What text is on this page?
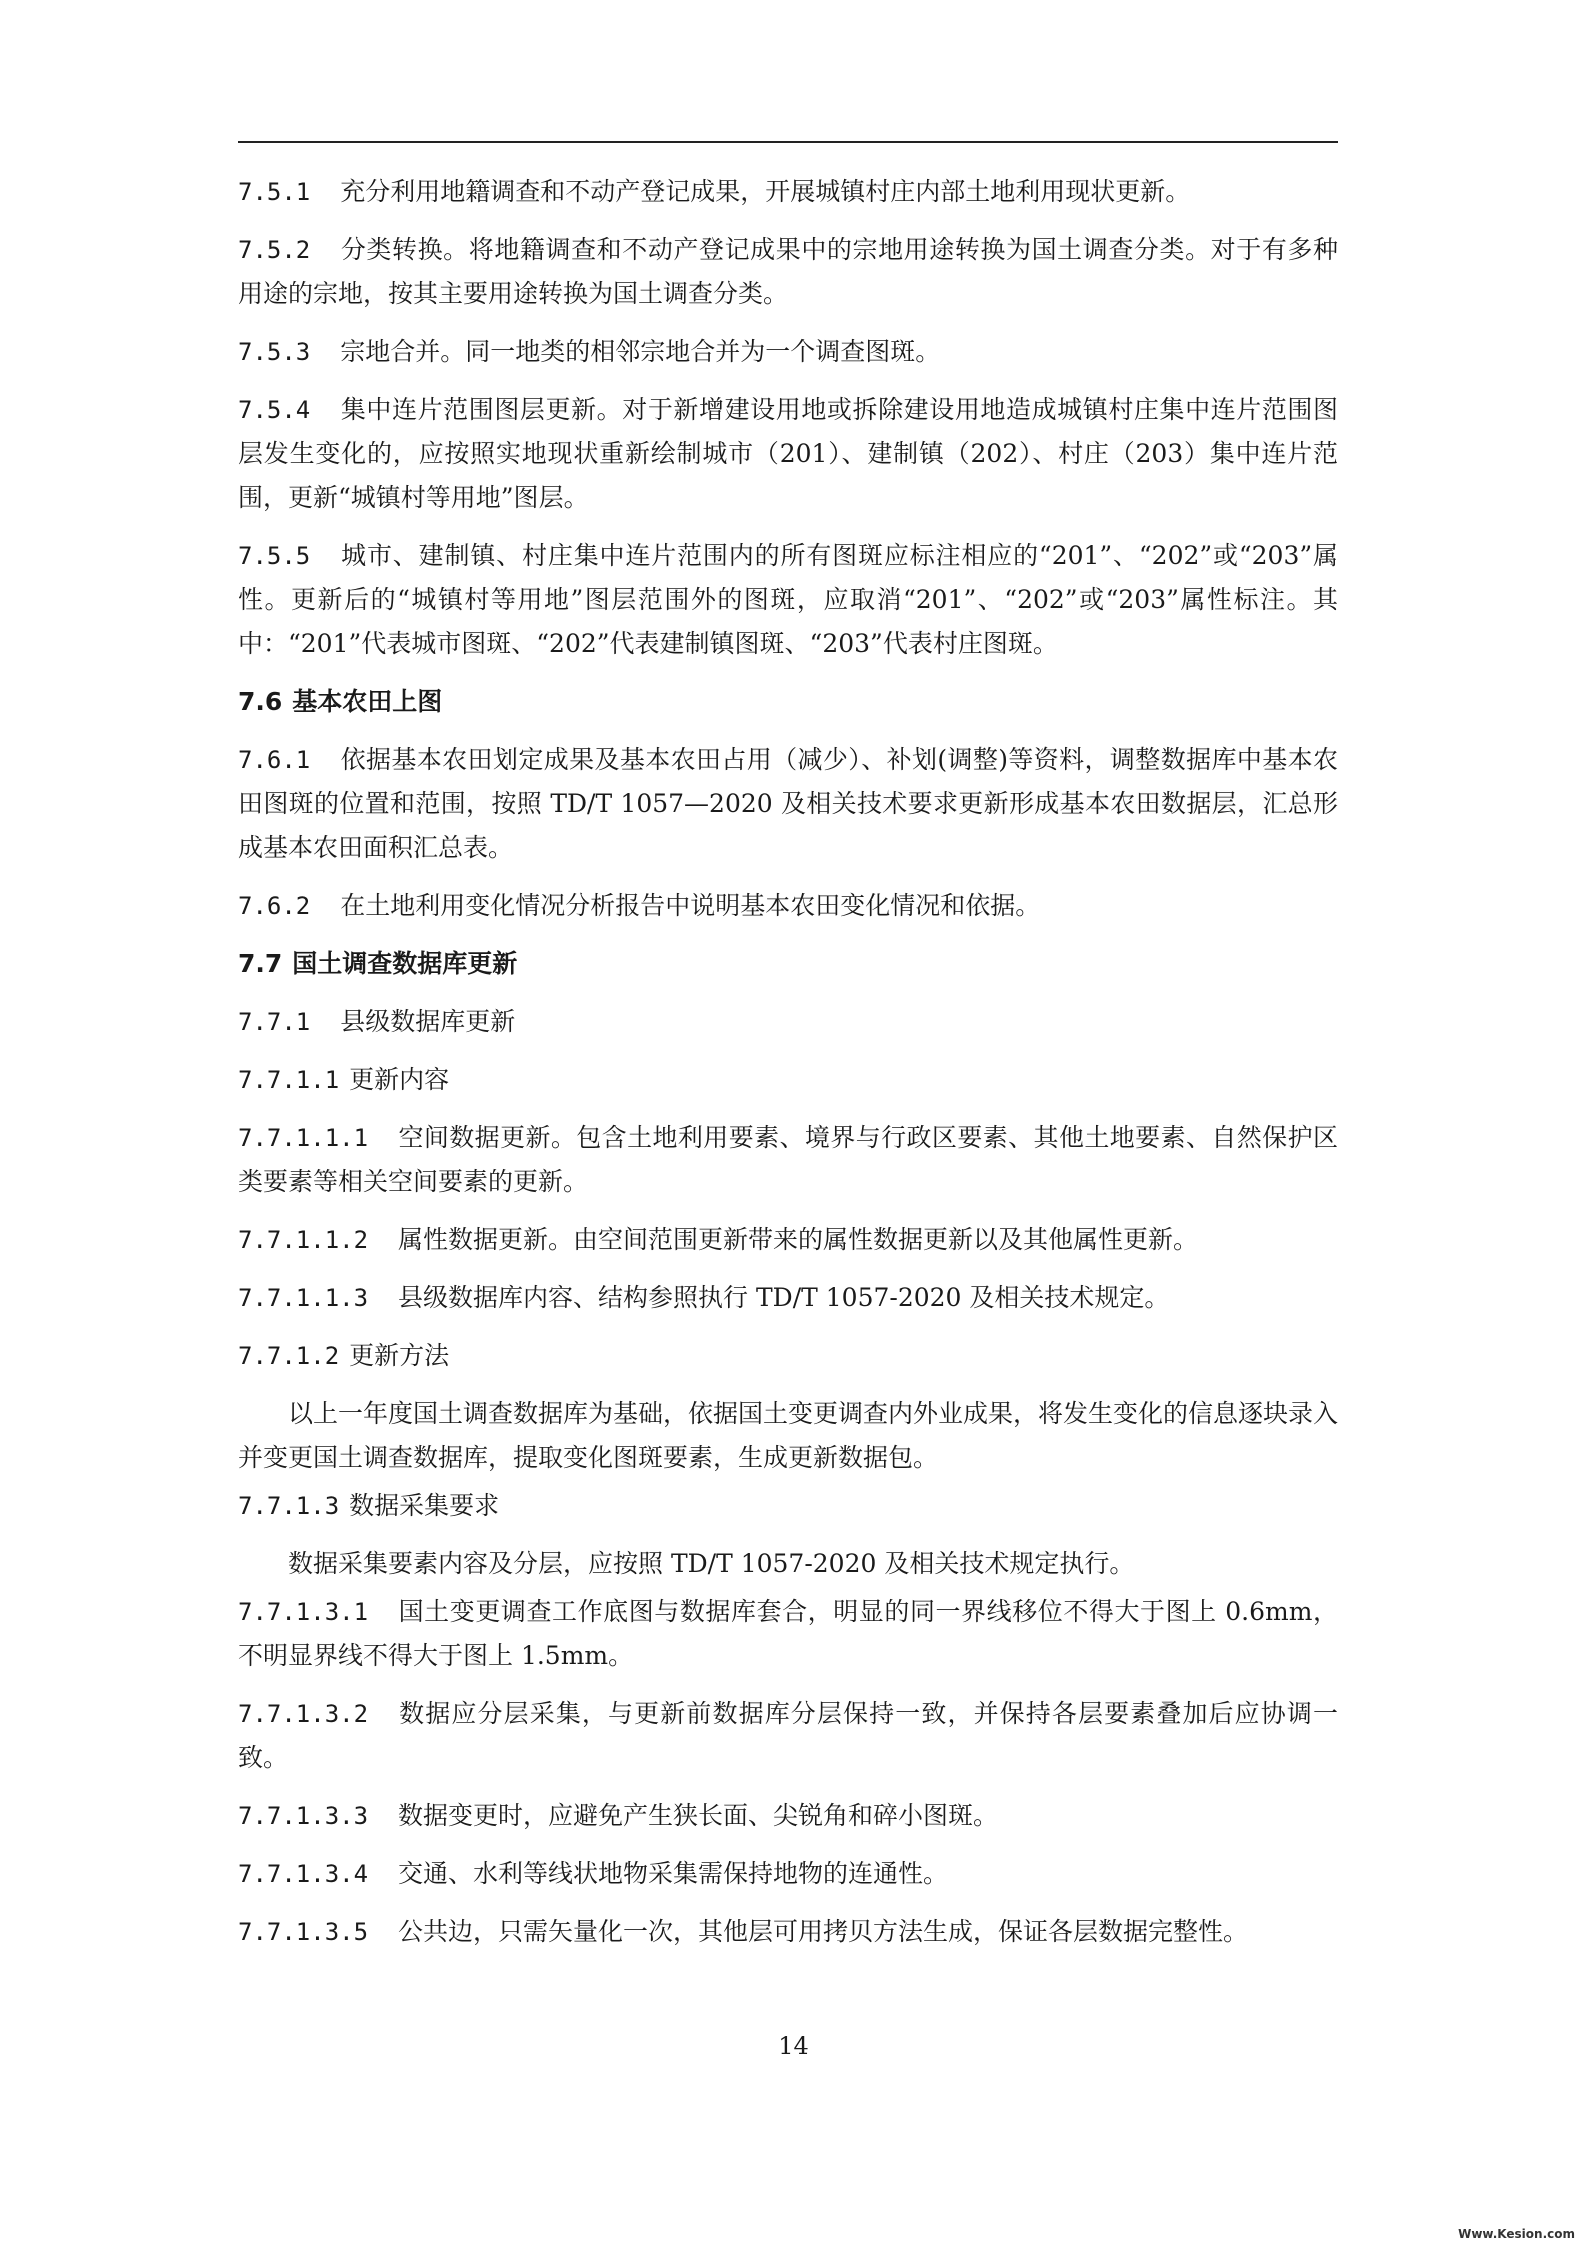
7.5.1 充分利用地籍调查和不动产登记成果，开展城镇村庄内部土地利用现状更新。

7.5.2 分类转换。将地籍调查和不动产登记成果中的宗地用途转换为国土调查分类。对于有多种用途的宗地，按其主要用途转换为国土调查分类。

7.5.3 宗地合并。同一地类的相邻宗地合并为一个调查图斑。

7.5.4 集中连片范围图层更新。对于新增建设用地或拆除建设用地造成城镇村庄集中连片范围图层发生变化的，应按照实地现状重新绘制城市（201）、建制镇（202）、村庄（203）集中连片范围，更新“城镇村等用地”图层。

7.5.5 城市、建制镇、村庄集中连片范围内的所有图斑应标注相应的“201”、“202”或“203”属性。更新后的“城镇村等用地”图层范围外的图斑，应取消“201”、“202”或“203”属性标注。其中：“201”代表城市图斑、“202”代表建制镇图斑、“203”代表村庄图斑。

7.6 基本农田上图

7.6.1 依据基本农田划定成果及基本农田占用（减少）、补划(调整)等资料，调整数据库中基本农田图斑的位置和范围，按照 TD/T 1057—2020 及相关技术要求更新形成基本农田数据层，汇总形成基本农田面积汇总表。

7.6.2 在土地利用变化情况分析报告中说明基本农田变化情况和依据。

7.7 国土调查数据库更新

7.7.1 县级数据库更新

7.7.1.1 更新内容

7.7.1.1.1 空间数据更新。包含土地利用要素、境界与行政区要素、其他土地要素、自然保护区类要素等相关空间要素的更新。

7.7.1.1.2 属性数据更新。由空间范围更新带来的属性数据更新以及其他属性更新。

7.7.1.1.3 县级数据库内容、结构参照执行 TD/T 1057-2020 及相关技术规定。

7.7.1.2 更新方法

以上一年度国土调查数据库为基础，依据国土变更调查内外业成果，将发生变化的信息逐块录入并变更国土调查数据库，提取变化图斑要素，生成更新数据包。

7.7.1.3 数据采集要求

数据采集要素内容及分层，应按照 TD/T 1057-2020 及相关技术规定执行。

7.7.1.3.1 国土变更调查工作底图与数据库套合，明显的同一界线移位不得大于图上 0.6mm，不明显界线不得大于图上 1.5mm。

7.7.1.3.2 数据应分层采集，与更新前数据库分层保持一致，并保持各层要素叠加后应协调一致。

7.7.1.3.3 数据变更时，应避免产生狭长面、尖锐角和碎小图斑。

7.7.1.3.4 交通、水利等线状地物采集需保持地物的连通性。

7.7.1.3.5 公共边，只需矢量化一次，其他层可用拷贝方法生成，保证各层数据完整性。

14
Www.Kesion.com
